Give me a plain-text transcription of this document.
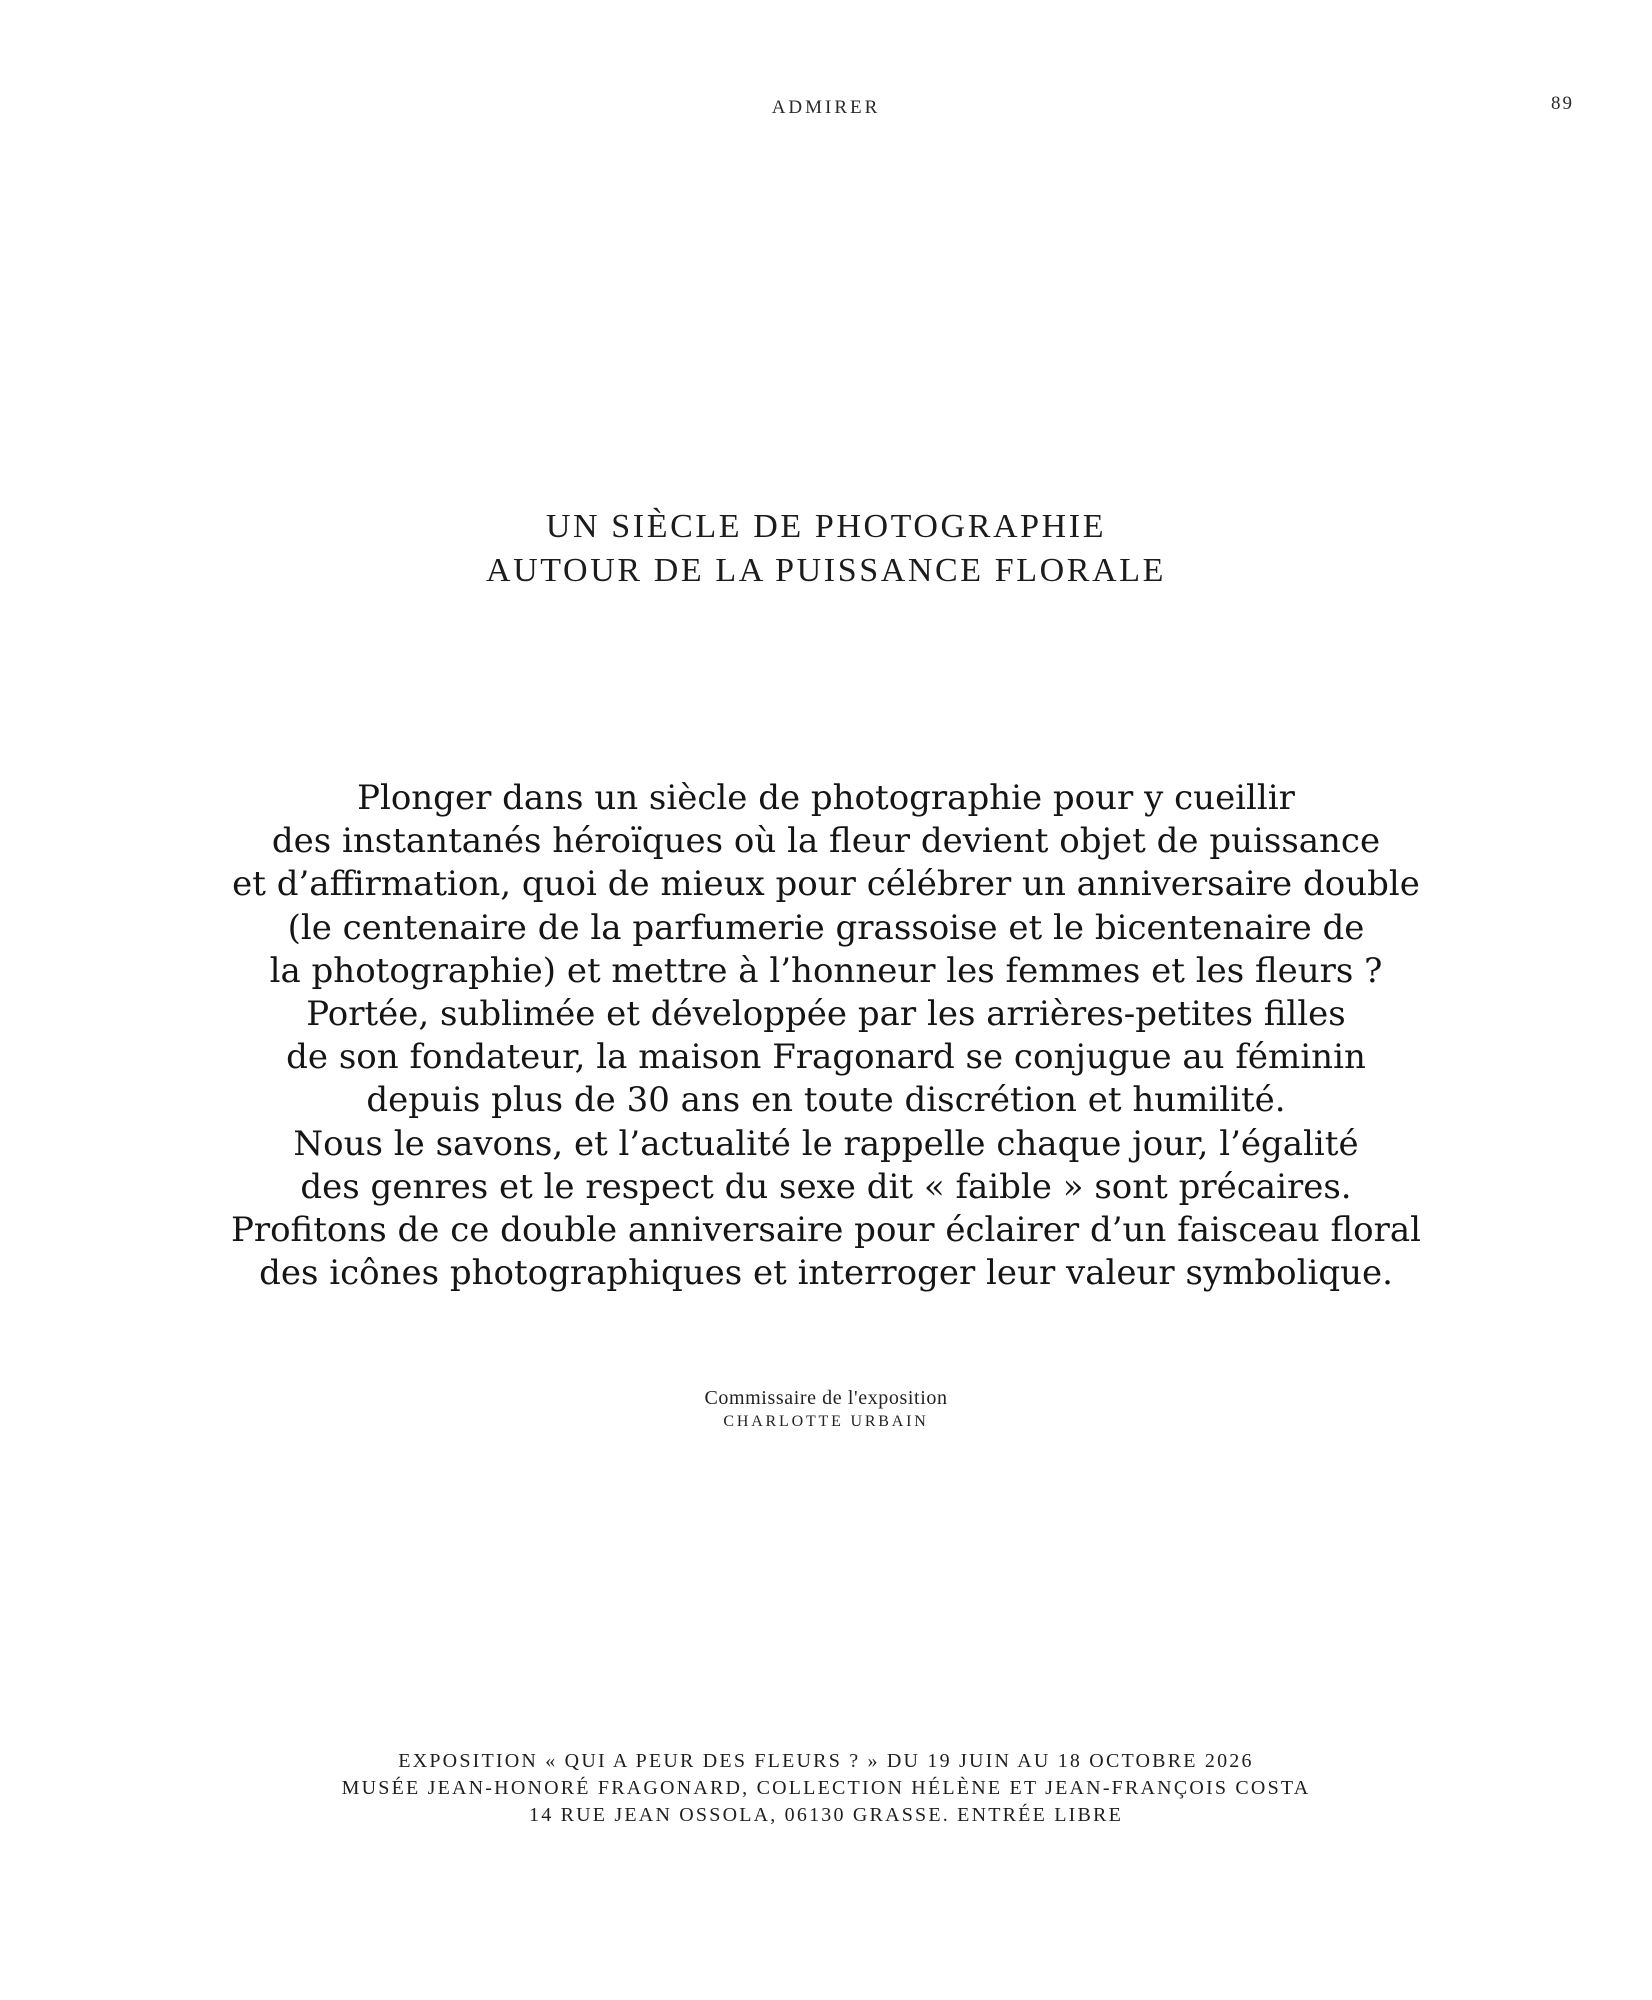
ADMIRER	89
UN SIÈCLE DE PHOTOGRAPHIE
AUTOUR DE LA PUISSANCE FLORALE
Plonger dans un siècle de photographie pour y cueillir
des instantanés héroïques où la fleur devient objet de puissance
et d’affirmation, quoi de mieux pour célébrer un anniversaire double
(le centenaire de la parfumerie grassoise et le bicentenaire de
la photographie) et mettre à l’honneur les femmes et les fleurs ?
Portée, sublimée et développée par les arrières-petites filles
de son fondateur, la maison Fragonard se conjugue au féminin
depuis plus de 30 ans en toute discrétion et humilité.
Nous le savons, et l’actualité le rappelle chaque jour, l’égalité
des genres et le respect du sexe dit « faible » sont précaires.
Profitons de ce double anniversaire pour éclairer d’un faisceau floral
des icônes photographiques et interroger leur valeur symbolique.
Commissaire de l'exposition
CHARLOTTE URBAIN
EXPOSITION « QUI A PEUR DES FLEURS ? » DU 19 JUIN AU 18 OCTOBRE 2026
MUSÉE JEAN-HONORÉ FRAGONARD, COLLECTION HÉLÈNE ET JEAN-FRANÇOIS COSTA
14 RUE JEAN OSSOLA, 06130 GRASSE. ENTRÉE LIBRE
